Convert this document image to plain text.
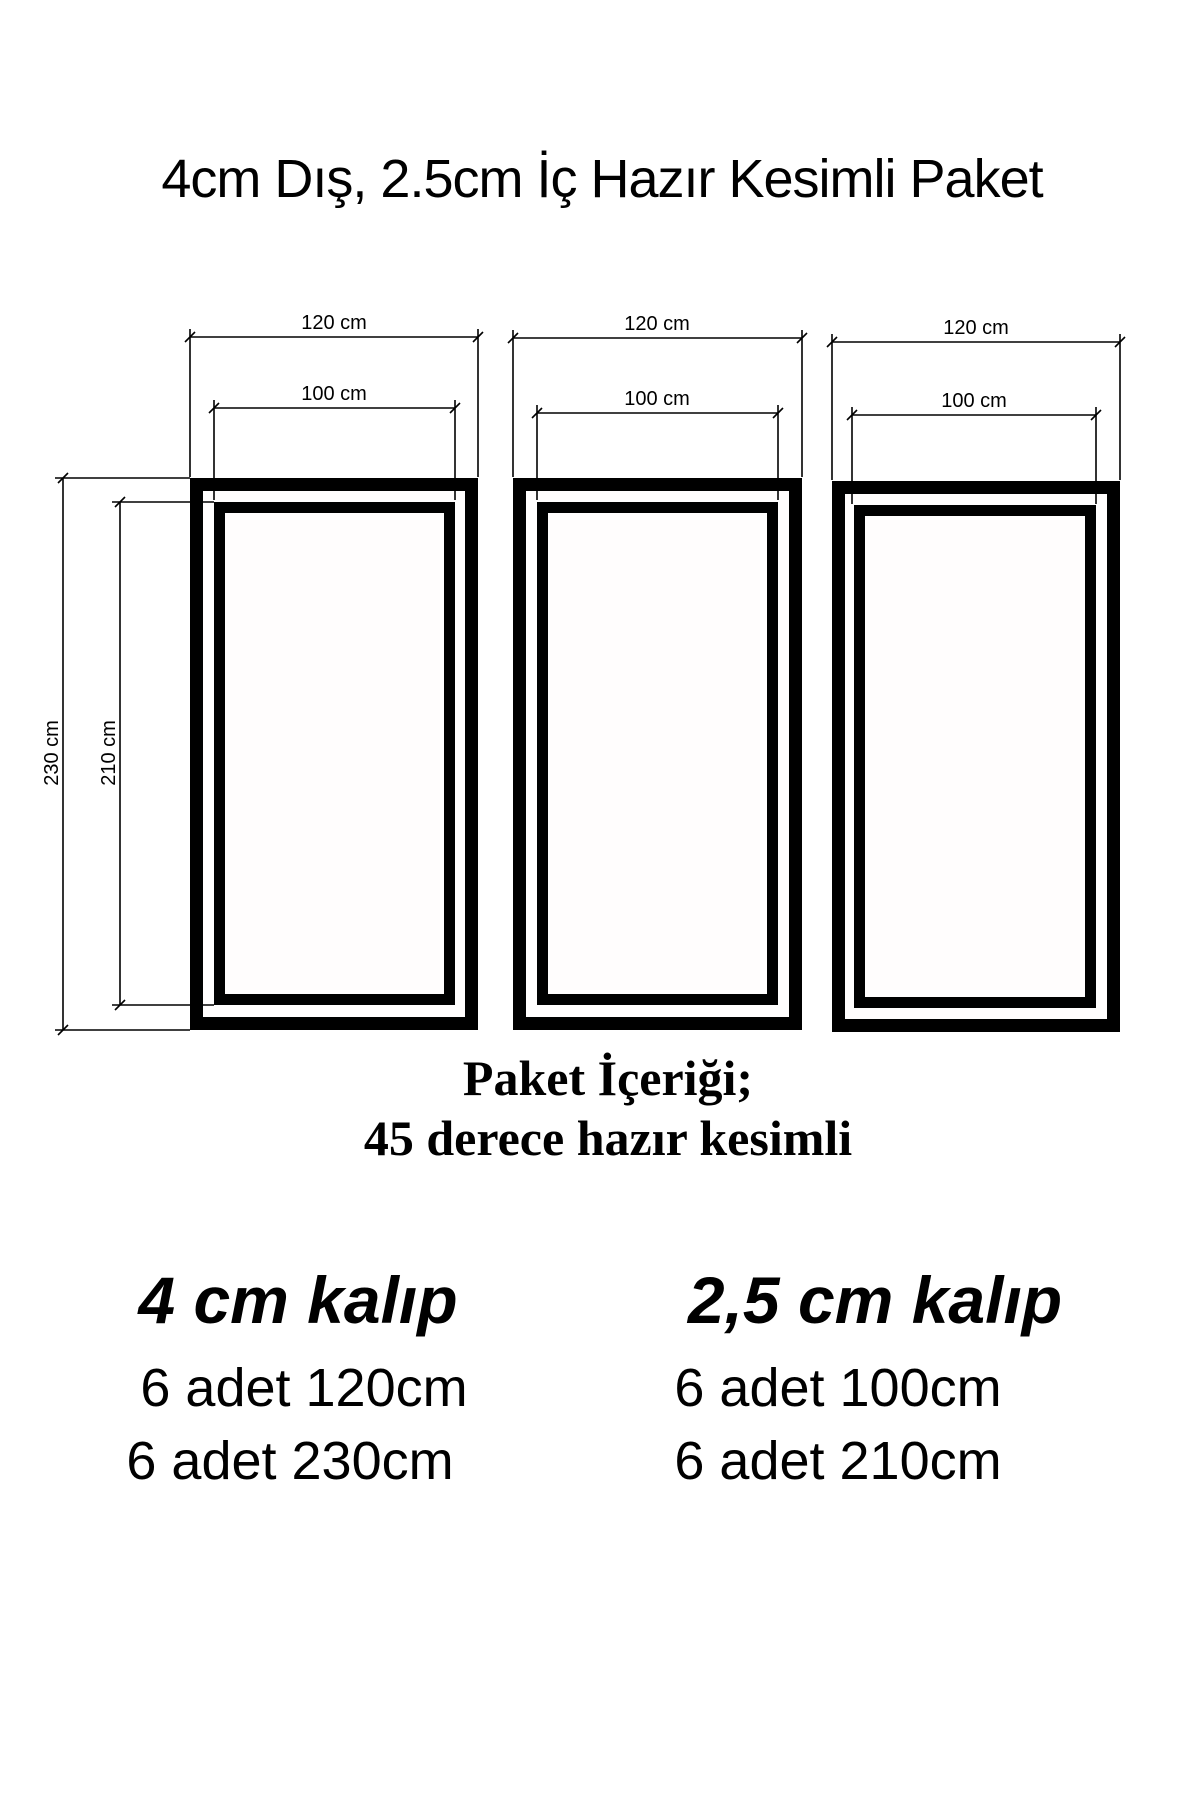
4cm Dış, 2.5cm İç Hazır Kesimli Paket
120 cm
100 cm
120 cm
100 cm
120 cm
100 cm
230 cm 210 cm
Paket İçeriği;
45 derece hazır kesimli
4 cm kalıp
6 adet 120cm
6 adet 230cm
2,5 cm kalıp
6 adet 100cm
6 adet 210cm
